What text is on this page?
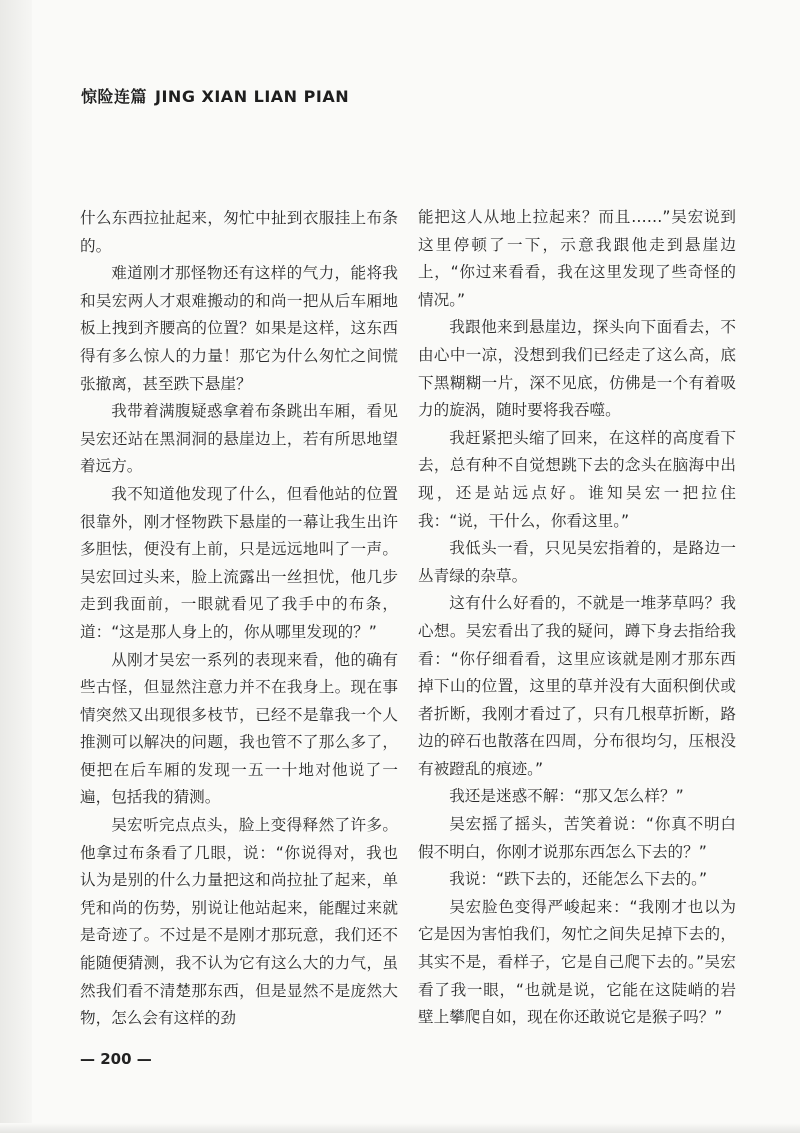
惊险连篇 JING XIAN LIAN PIAN

什么东西拉扯起来，匆忙中扯到衣服挂上布条的。

难道刚才那怪物还有这样的气力，能将我和吴宏两人才艰难搬动的和尚一把从后车厢地板上拽到齐腰高的位置？如果是这样，这东西得有多么惊人的力量！那它为什么匆忙之间慌张撤离，甚至跌下悬崖？

我带着满腹疑惑拿着布条跳出车厢，看见吴宏还站在黑洞洞的悬崖边上，若有所思地望着远方。

我不知道他发现了什么，但看他站的位置很靠外，刚才怪物跌下悬崖的一幕让我生出许多胆怯，便没有上前，只是远远地叫了一声。吴宏回过头来，脸上流露出一丝担忧，他几步走到我面前，一眼就看见了我手中的布条，道：“这是那人身上的，你从哪里发现的？”

从刚才吴宏一系列的表现来看，他的确有些古怪，但显然注意力并不在我身上。现在事情突然又出现很多枝节，已经不是靠我一个人推测可以解决的问题，我也管不了那么多了，便把在后车厢的发现一五一十地对他说了一遍，包括我的猜测。

吴宏听完点点头，脸上变得释然了许多。他拿过布条看了几眼，说：“你说得对，我也认为是别的什么力量把这和尚拉扯了起来，单凭和尚的伤势，别说让他站起来，能醒过来就是奇迹了。不过是不是刚才那玩意，我们还不能随便猜测，我不认为它有这么大的力气，虽然我们看不清楚那东西，但是显然不是庞然大物，怎么会有这样的劲

能把这人从地上拉起来？而且……”吴宏说到这里停顿了一下，示意我跟他走到悬崖边上，“你过来看看，我在这里发现了些奇怪的情况。”

我跟他来到悬崖边，探头向下面看去，不由心中一凉，没想到我们已经走了这么高，底下黑糊糊一片，深不见底，仿佛是一个有着吸力的旋涡，随时要将我吞噬。

我赶紧把头缩了回来，在这样的高度看下去，总有种不自觉想跳下去的念头在脑海中出现，还是站远点好。谁知吴宏一把拉住我：“说，干什么，你看这里。”

我低头一看，只见吴宏指着的，是路边一丛青绿的杂草。

这有什么好看的，不就是一堆茅草吗？我心想。吴宏看出了我的疑问，蹲下身去指给我看：“你仔细看看，这里应该就是刚才那东西掉下山的位置，这里的草并没有大面积倒伏或者折断，我刚才看过了，只有几根草折断，路边的碎石也散落在四周，分布很均匀，压根没有被蹬乱的痕迹。”

我还是迷惑不解：“那又怎么样？”

吴宏摇了摇头，苦笑着说：“你真不明白假不明白，你刚才说那东西怎么下去的？”

我说：“跌下去的，还能怎么下去的。”

吴宏脸色变得严峻起来：“我刚才也以为它是因为害怕我们，匆忙之间失足掉下去的，其实不是，看样子，它是自己爬下去的。”吴宏看了我一眼，“也就是说，它能在这陡峭的岩壁上攀爬自如，现在你还敢说它是猴子吗？”

— 200 —
